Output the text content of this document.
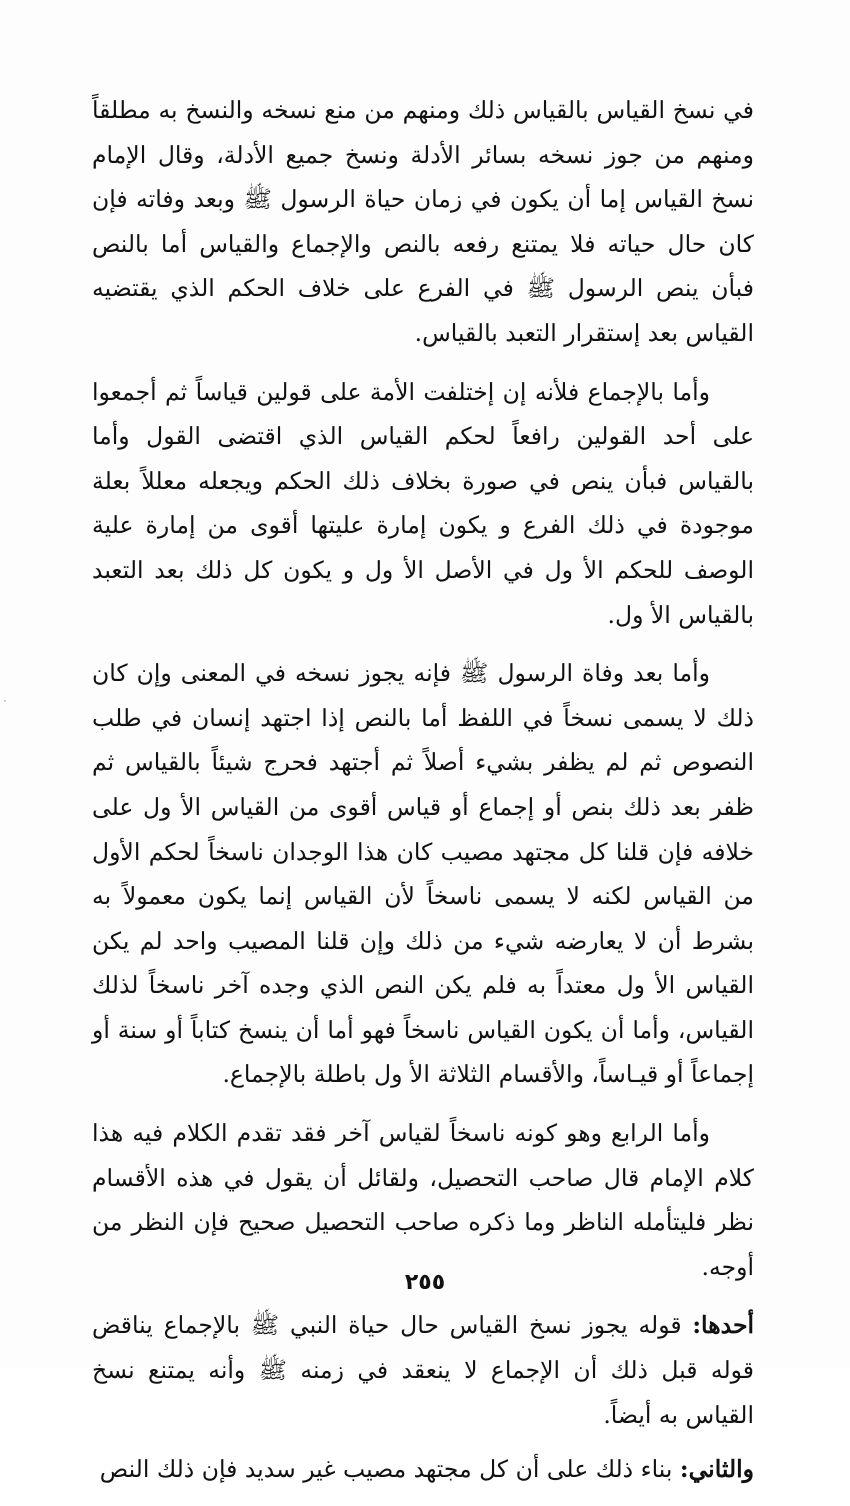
في نسخ القياس بالقياس ذلك ومنهم من منع نسخه والنسخ به مطلقاً ومنهم من جوز نسخه بسائر الأدلة ونسخ جميع الأدلة، وقال الإمام نسخ القياس إما أن يكون في زمان حياة الرسول ﷺ وبعد وفاته فإن كان حال حياته فلا يمتنع رفعه بالنص والإجماع والقياس أما بالنص فبأن ينص الرسول ﷺ في الفرع على خلاف الحكم الذي يقتضيه القياس بعد إستقرار التعبد بالقياس.

وأما بالإجماع فلأنه إن إختلفت الأمة على قولين قياساً ثم أجمعوا على أحد القولين رافعاً لحكم القياس الذي اقتضى القول وأما بالقياس فبأن ينص في صورة بخلاف ذلك الحكم ويجعله معللاً بعلة موجودة في ذلك الفرع و يكون إمارة عليتها أقوى من إمارة علية الوصف للحكم الأ ول في الأصل الأ ول و يكون كل ذلك بعد التعبد بالقياس الأ ول.

وأما بعد وفاة الرسول ﷺ فإنه يجوز نسخه في المعنى وإن كان ذلك لا يسمى نسخاً في اللفظ أما بالنص إذا اجتهد إنسان في طلب النصوص ثم لم يظفر بشيء أصلاً ثم أجتهد فحرج شيئاً بالقياس ثم ظفر بعد ذلك بنص أو إجماع أو قياس أقوى من القياس الأ ول على خلافه فإن قلنا كل مجتهد مصيب كان هذا الوجدان ناسخاً لحكم الأول من القياس لكنه لا يسمى ناسخاً لأن القياس إنما يكون معمولاً به بشرط أن لا يعارضه شيء من ذلك وإن قلنا المصيب واحد لم يكن القياس الأ ول معتداً به فلم يكن النص الذي وجده آخر ناسخاً لذلك القياس، وأما أن يكون القياس ناسخاً فهو أما أن ينسخ كتاباً أو سنة أو إجماعاً أو قيـاساً، والأقسام الثلاثة الأ ول باطلة بالإجماع.

وأما الرابع وهو كونه ناسخاً لقياس آخر فقد تقدم الكلام فيه هذا كلام الإمام قال صاحب التحصيل، ولقائل أن يقول في هذه الأقسام نظر فليتأمله الناظر وما ذكره صاحب التحصيل صحيح فإن النظر من أوجه.

أحدها: قوله يجوز نسخ القياس حال حياة النبي ﷺ بالإجماع يناقض قوله قبل ذلك أن الإجماع لا ينعقد في زمنه ﷺ وأنه يمتنع نسخ القياس به أيضاً.

والثاني: بناء ذلك على أن كل مجتهد مصيب غير سديد فإن ذلك النص

٢٥٥
